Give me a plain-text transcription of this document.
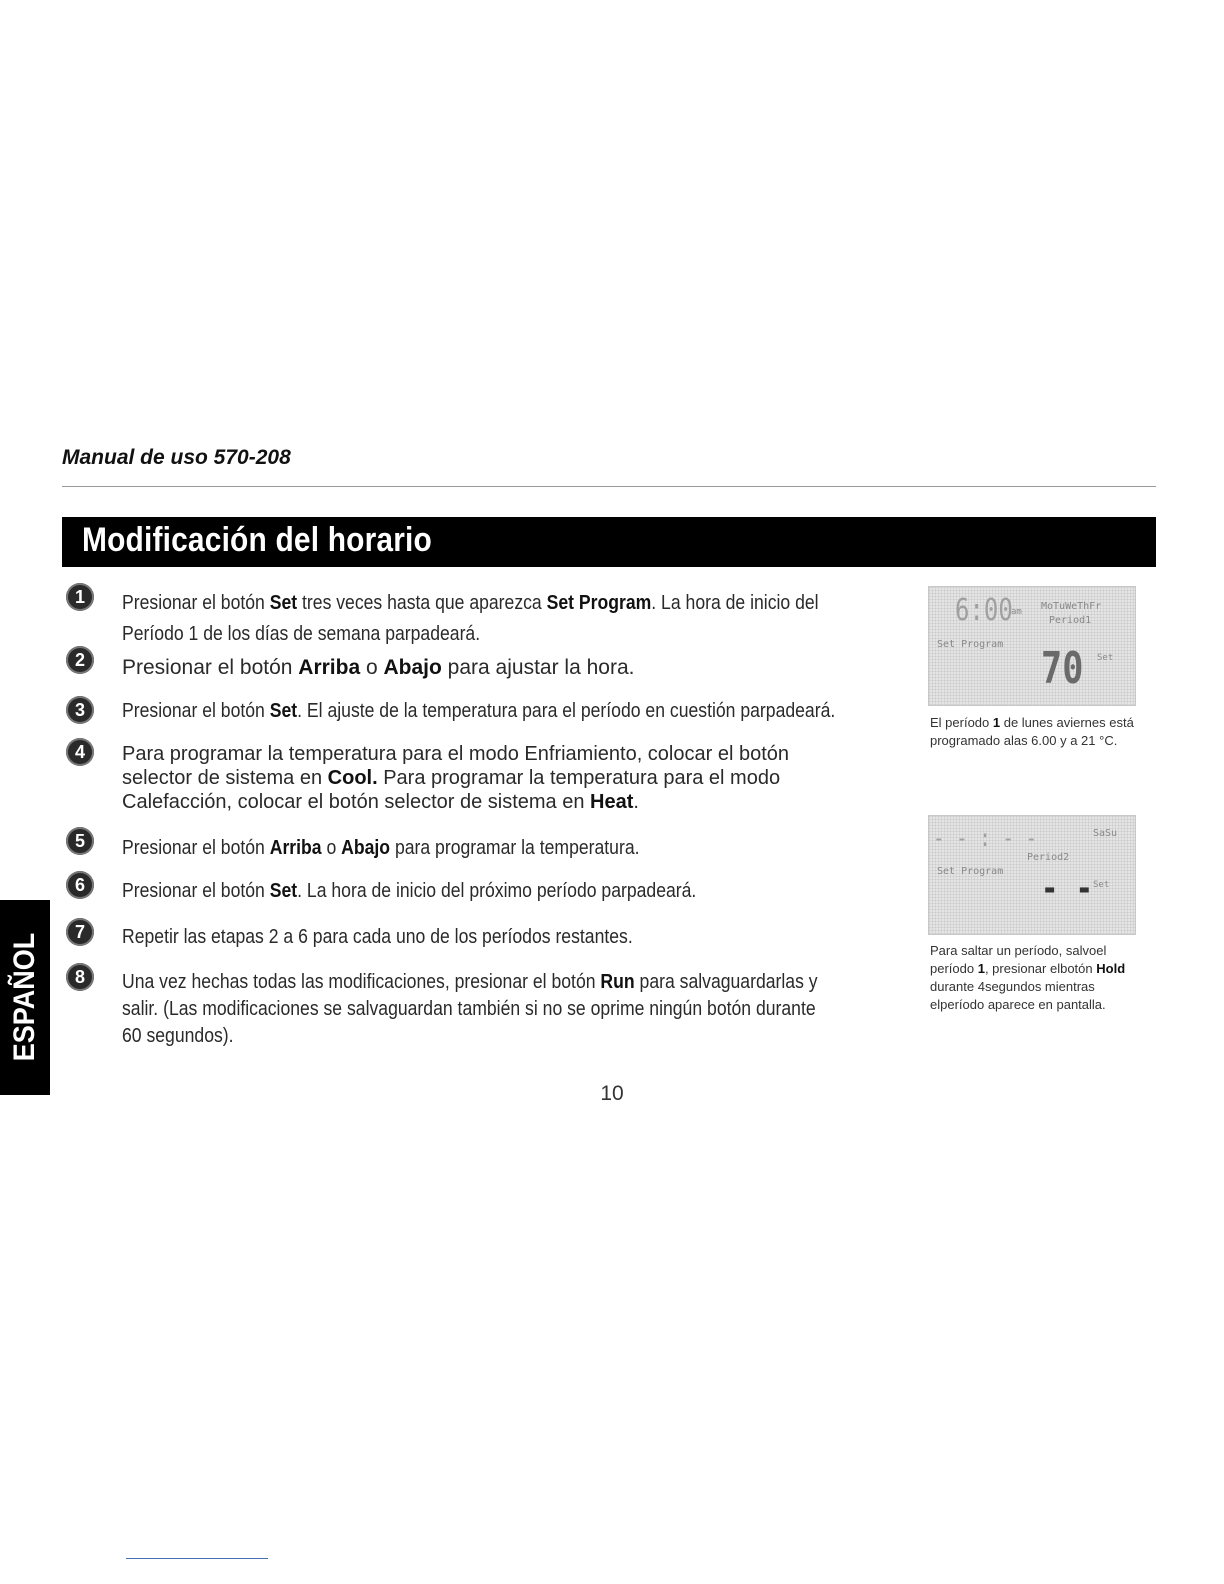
Manual de uso 570-208
Modificación del horario
1
2
3
4
5
6
7
8
Presionar el botón Set tres veces hasta que aparezca Set Program. La hora de inicio del
Período 1 de los días de semana parpadeará.
Presionar el botón Arriba o Abajo para ajustar la hora.
Presionar el botón Set. El ajuste de la temperatura para el período en cuestión parpadeará.
Para programar la temperatura para el modo Enfriamiento, colocar el botón
selector de sistema en Cool. Para programar la temperatura para el modo
Calefacción, colocar el botón selector de sistema en Heat.
Presionar el botón Arriba o Abajo para programar la temperatura.
Presionar el botón Set. La hora de inicio del próximo período parpadeará.
Repetir las etapas 2 a 6 para cada uno de los períodos restantes.
Una vez hechas todas las modificaciones, presionar el botón Run para salvaguardarlas y
salir. (Las modificaciones se salvaguardan también si no se oprime ningún botón durante
60 segundos).
6:00
am MoTuWeThFr
Period1
Set Program 70 Set
El período 1 de lunes aviernes está programado alas 6.00 y a 21 °C.
- - : - -	SaSu
Period2
Set Program - - Set
Para saltar un período, salvoel período 1, presionar elbotón Hold durante 4segundos mientras elperíodo aparece en pantalla.
10
ESPAÑOL
